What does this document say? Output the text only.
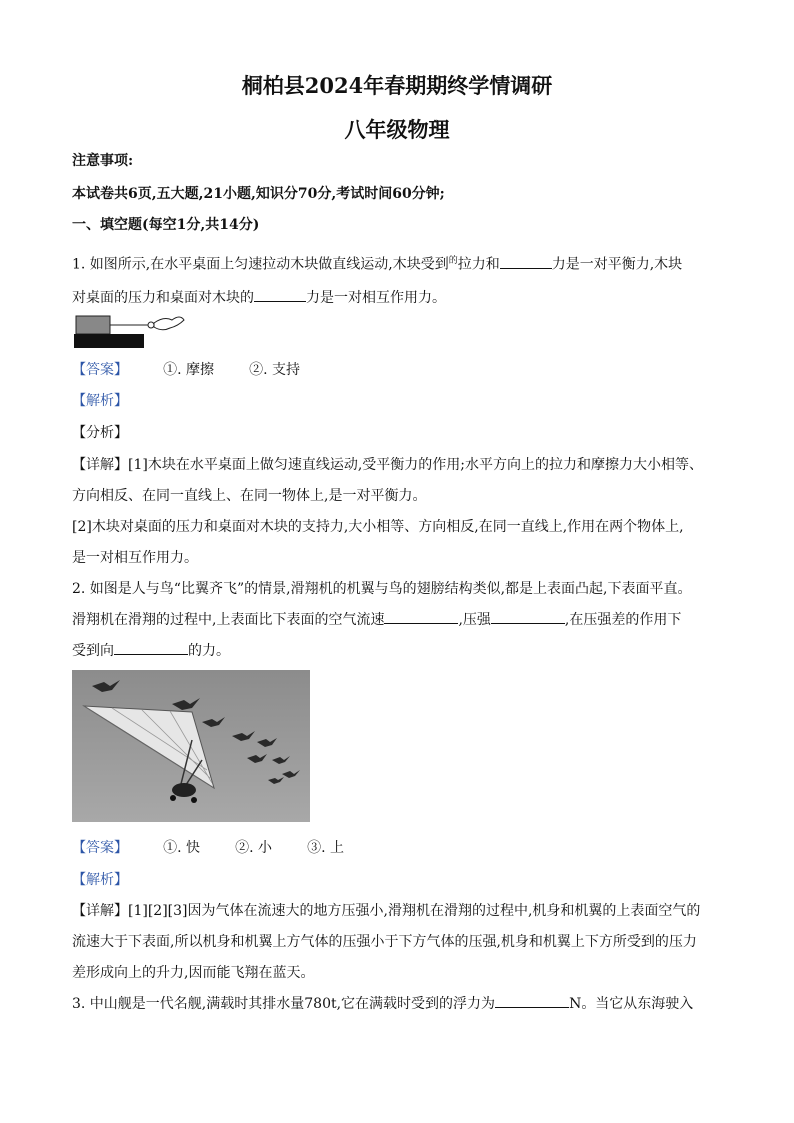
桐柏县2024年春期期终学情调研
八年级物理
注意事项:
本试卷共6页,五大题,21小题,知识分70分,考试时间60分钟;
一、填空题(每空1分,共14分)
1. 如图所示,在水平桌面上匀速拉动木块做直线运动,木块受到$^的$拉力和	力是一对平衡力,木块
对桌面的压力和桌面对木块的	力是一对相互作用力。
【答案】	①. 摩擦	②. 支持
【解析】
【分析】
【详解】[1]木块在水平桌面上做匀速直线运动,受平衡力的作用;水平方向上的拉力和摩擦力大小相等、
方向相反、在同一直线上、在同一物体上,是一对平衡力。
[2]木块对桌面的压力和桌面对木块的支持力,大小相等、方向相反,在同一直线上,作用在两个物体上,
是一对相互作用力。
2. 如图是人与鸟“比翼齐飞”的情景,滑翔机的机翼与鸟的翅膀结构类似,都是上表面凸起,下表面平直。
滑翔机在滑翔的过程中,上表面比下表面的空气流速	,压强	,在压强差的作用下
受到向	的力。
【答案】	①. 快	②. 小	③. 上
【解析】
【详解】[1][2][3]因为气体在流速大的地方压强小,滑翔机在滑翔的过程中,机身和机翼的上表面空气的
流速大于下表面,所以机身和机翼上方气体的压强小于下方气体的压强,机身和机翼上下方所受到的压力
差形成向上的升力,因而能飞翔在蓝天。
3. 中山舰是一代名舰,满载时其排水量780t,它在满载时受到的浮力为	N。当它从东海驶入
